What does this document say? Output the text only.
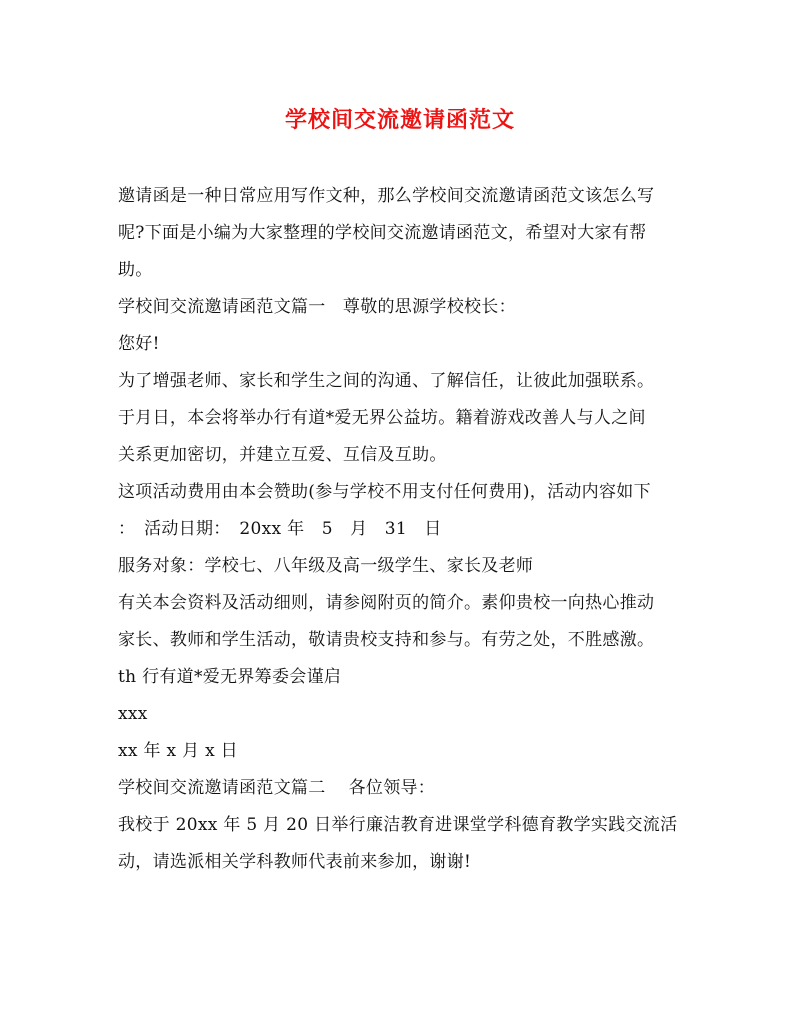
学校间交流邀请函范文
邀请函是一种日常应用写作文种，那么学校间交流邀请函范文该怎么写
呢?下面是小编为大家整理的学校间交流邀请函范文，希望对大家有帮
助。
学校间交流邀请函范文篇一　尊敬的思源学校校长：
您好!
为了增强老师、家长和学生之间的沟通、了解信任，让彼此加强联系。
于月日，本会将举办行有道*爱无界公益坊。籍着游戏改善人与人之间
关系更加密切，并建立互爱、互信及互助。
这项活动费用由本会赞助(参与学校不用支付任何费用)，活动内容如下
：　活动日期：　20xx 年　5　月　31　日
服务对象：学校七、八年级及高一级学生、家长及老师
有关本会资料及活动细则，请参阅附页的简介。素仰贵校一向热心推动
家长、教师和学生活动，敬请贵校支持和参与。有劳之处，不胜感激。
th 行有道*爱无界筹委会谨启
xxx
xx 年 x 月 x 日
学校间交流邀请函范文篇二　 各位领导：
我校于 20xx 年 5 月 20 日举行廉洁教育进课堂学科德育教学实践交流活
动，请选派相关学科教师代表前来参加，谢谢!
